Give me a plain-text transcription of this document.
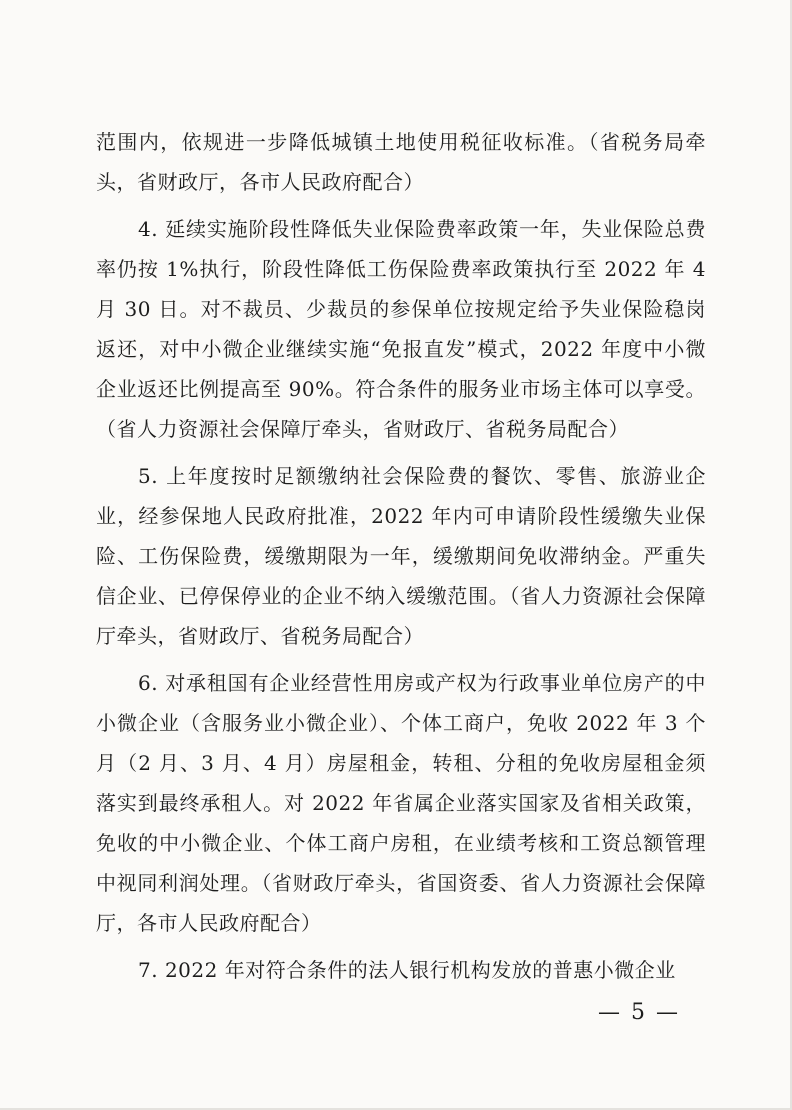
范围内，依规进一步降低城镇土地使用税征收标准。（省税务局牵头，省财政厅，各市人民政府配合）

4. 延续实施阶段性降低失业保险费率政策一年，失业保险总费率仍按 1%执行，阶段性降低工伤保险费率政策执行至 2022 年 4 月 30 日。对不裁员、少裁员的参保单位按规定给予失业保险稳岗返还，对中小微企业继续实施“免报直发”模式，2022 年度中小微企业返还比例提高至 90%。符合条件的服务业市场主体可以享受。（省人力资源社会保障厅牵头，省财政厅、省税务局配合）

5. 上年度按时足额缴纳社会保险费的餐饮、零售、旅游业企业，经参保地人民政府批准，2022 年内可申请阶段性缓缴失业保险、工伤保险费，缓缴期限为一年，缓缴期间免收滞纳金。严重失信企业、已停保停业的企业不纳入缓缴范围。（省人力资源社会保障厅牵头，省财政厅、省税务局配合）

6. 对承租国有企业经营性用房或产权为行政事业单位房产的中小微企业（含服务业小微企业）、个体工商户，免收 2022 年 3 个月（2 月、3 月、4 月）房屋租金，转租、分租的免收房屋租金须落实到最终承租人。对 2022 年省属企业落实国家及省相关政策，免收的中小微企业、个体工商户房租，在业绩考核和工资总额管理中视同利润处理。（省财政厅牵头，省国资委、省人力资源社会保障厅，各市人民政府配合）

7. 2022 年对符合条件的法人银行机构发放的普惠小微企业

— 5 —
